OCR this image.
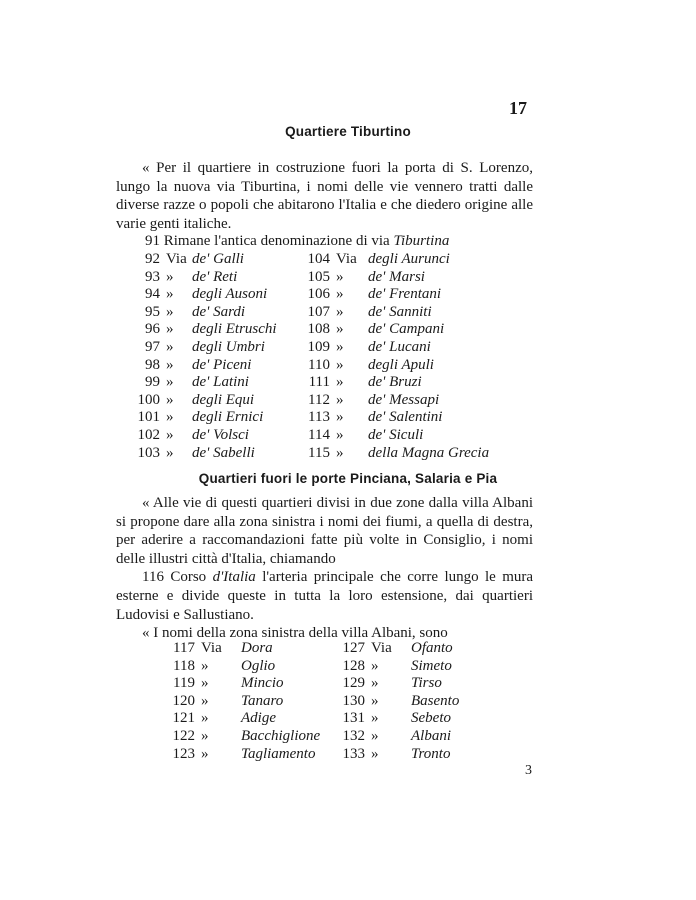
17
Quartiere Tiburtino

« Per il quartiere in costruzione fuori la porta di S. Lorenzo, lungo la nuova via Tiburtina, i nomi delle vie vennero tratti dalle diverse razze o popoli che abitarono l'Italia e che diedero origine alle varie genti italiche.

91 Rimane l'antica denominazione di via Tiburtina
92 Via de' Galli
93 » de' Reti
94 » degli Ausoni
95 » de' Sardi
96 » degli Etruschi
97 » degli Umbri
98 » de' Piceni
99 » de' Latini
100 » degli Equi
101 » degli Ernici
102 » de' Volsci
103 » de' Sabelli
104 Via degli Aurunci
105 » de' Marsi
106 » de' Frentani
107 » de' Sanniti
108 » de' Campani
109 » de' Lucani
110 » degli Apuli
111 » de' Bruzi
112 » de' Messapi
113 » de' Salentini
114 » de' Siculi
115 » della Magna Grecia
Quartieri fuori le porte Pinciana, Salaria e Pia

« Alle vie di questi quartieri divisi in due zone dalla villa Albani si propone dare alla zona sinistra i nomi dei fiumi, a quella di destra, per aderire a raccomandazioni fatte più volte in Consiglio, i nomi delle illustri città d'Italia, chiamando

116 Corso d'Italia l'arteria principale che corre lungo le mura esterne e divide queste in tutta la loro estensione, dai quartieri Ludovisi e Sallustiano.

« I nomi della zona sinistra della villa Albani, sono

117 Via Dora
118 » Oglio
119 » Mincio
120 » Tanaro
121 » Adige
122 » Bacchiglione
123 » Tagliamento
127 Via Ofanto
128 » Simeto
129 » Tirso
130 » Basento
131 » Sebeto
132 » Albani
133 » Tronto
3
